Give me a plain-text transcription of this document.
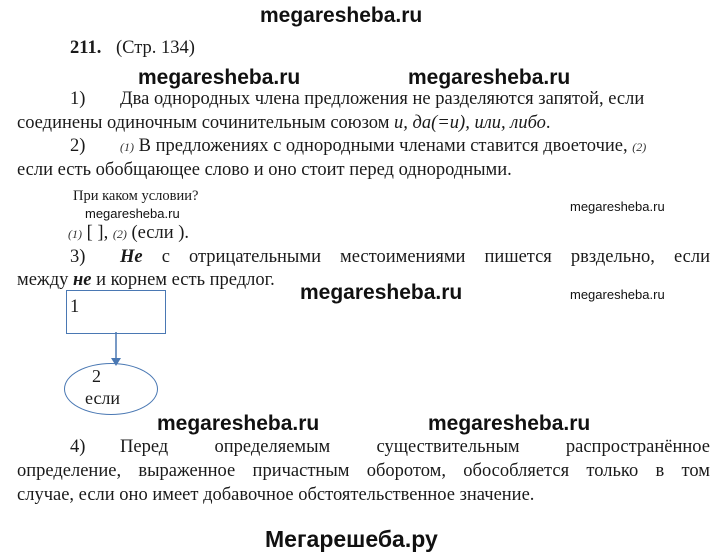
megaresheba.ru
211. (Стр. 134)
megaresheba.ru	megaresheba.ru
1) Два однородных члена предложения не разделяются запятой, если
соединены одиночным сочинительным союзом и, да(=и), или, либо.
2)	(1) В предложениях с однородными членами ставится двоеточие, (2)
если есть обобщающее слово и оно стоит перед однородными.
При каком условии?
megaresheba.ru	megaresheba.ru
(1) [ ], (2) (если ).
3) Не с отрицательными местоимениями пишется рвздельно, если
между не и корнем есть предлог.
megaresheba.ru	megaresheba.ru
1
2
если
megaresheba.ru	megaresheba.ru
4) Перед определяемым существительным распространённое
определение, выраженное причастным оборотом, обособляется только в том
случае, если оно имеет добавочное обстоятельственное значение.
Мегарешеба.ру
